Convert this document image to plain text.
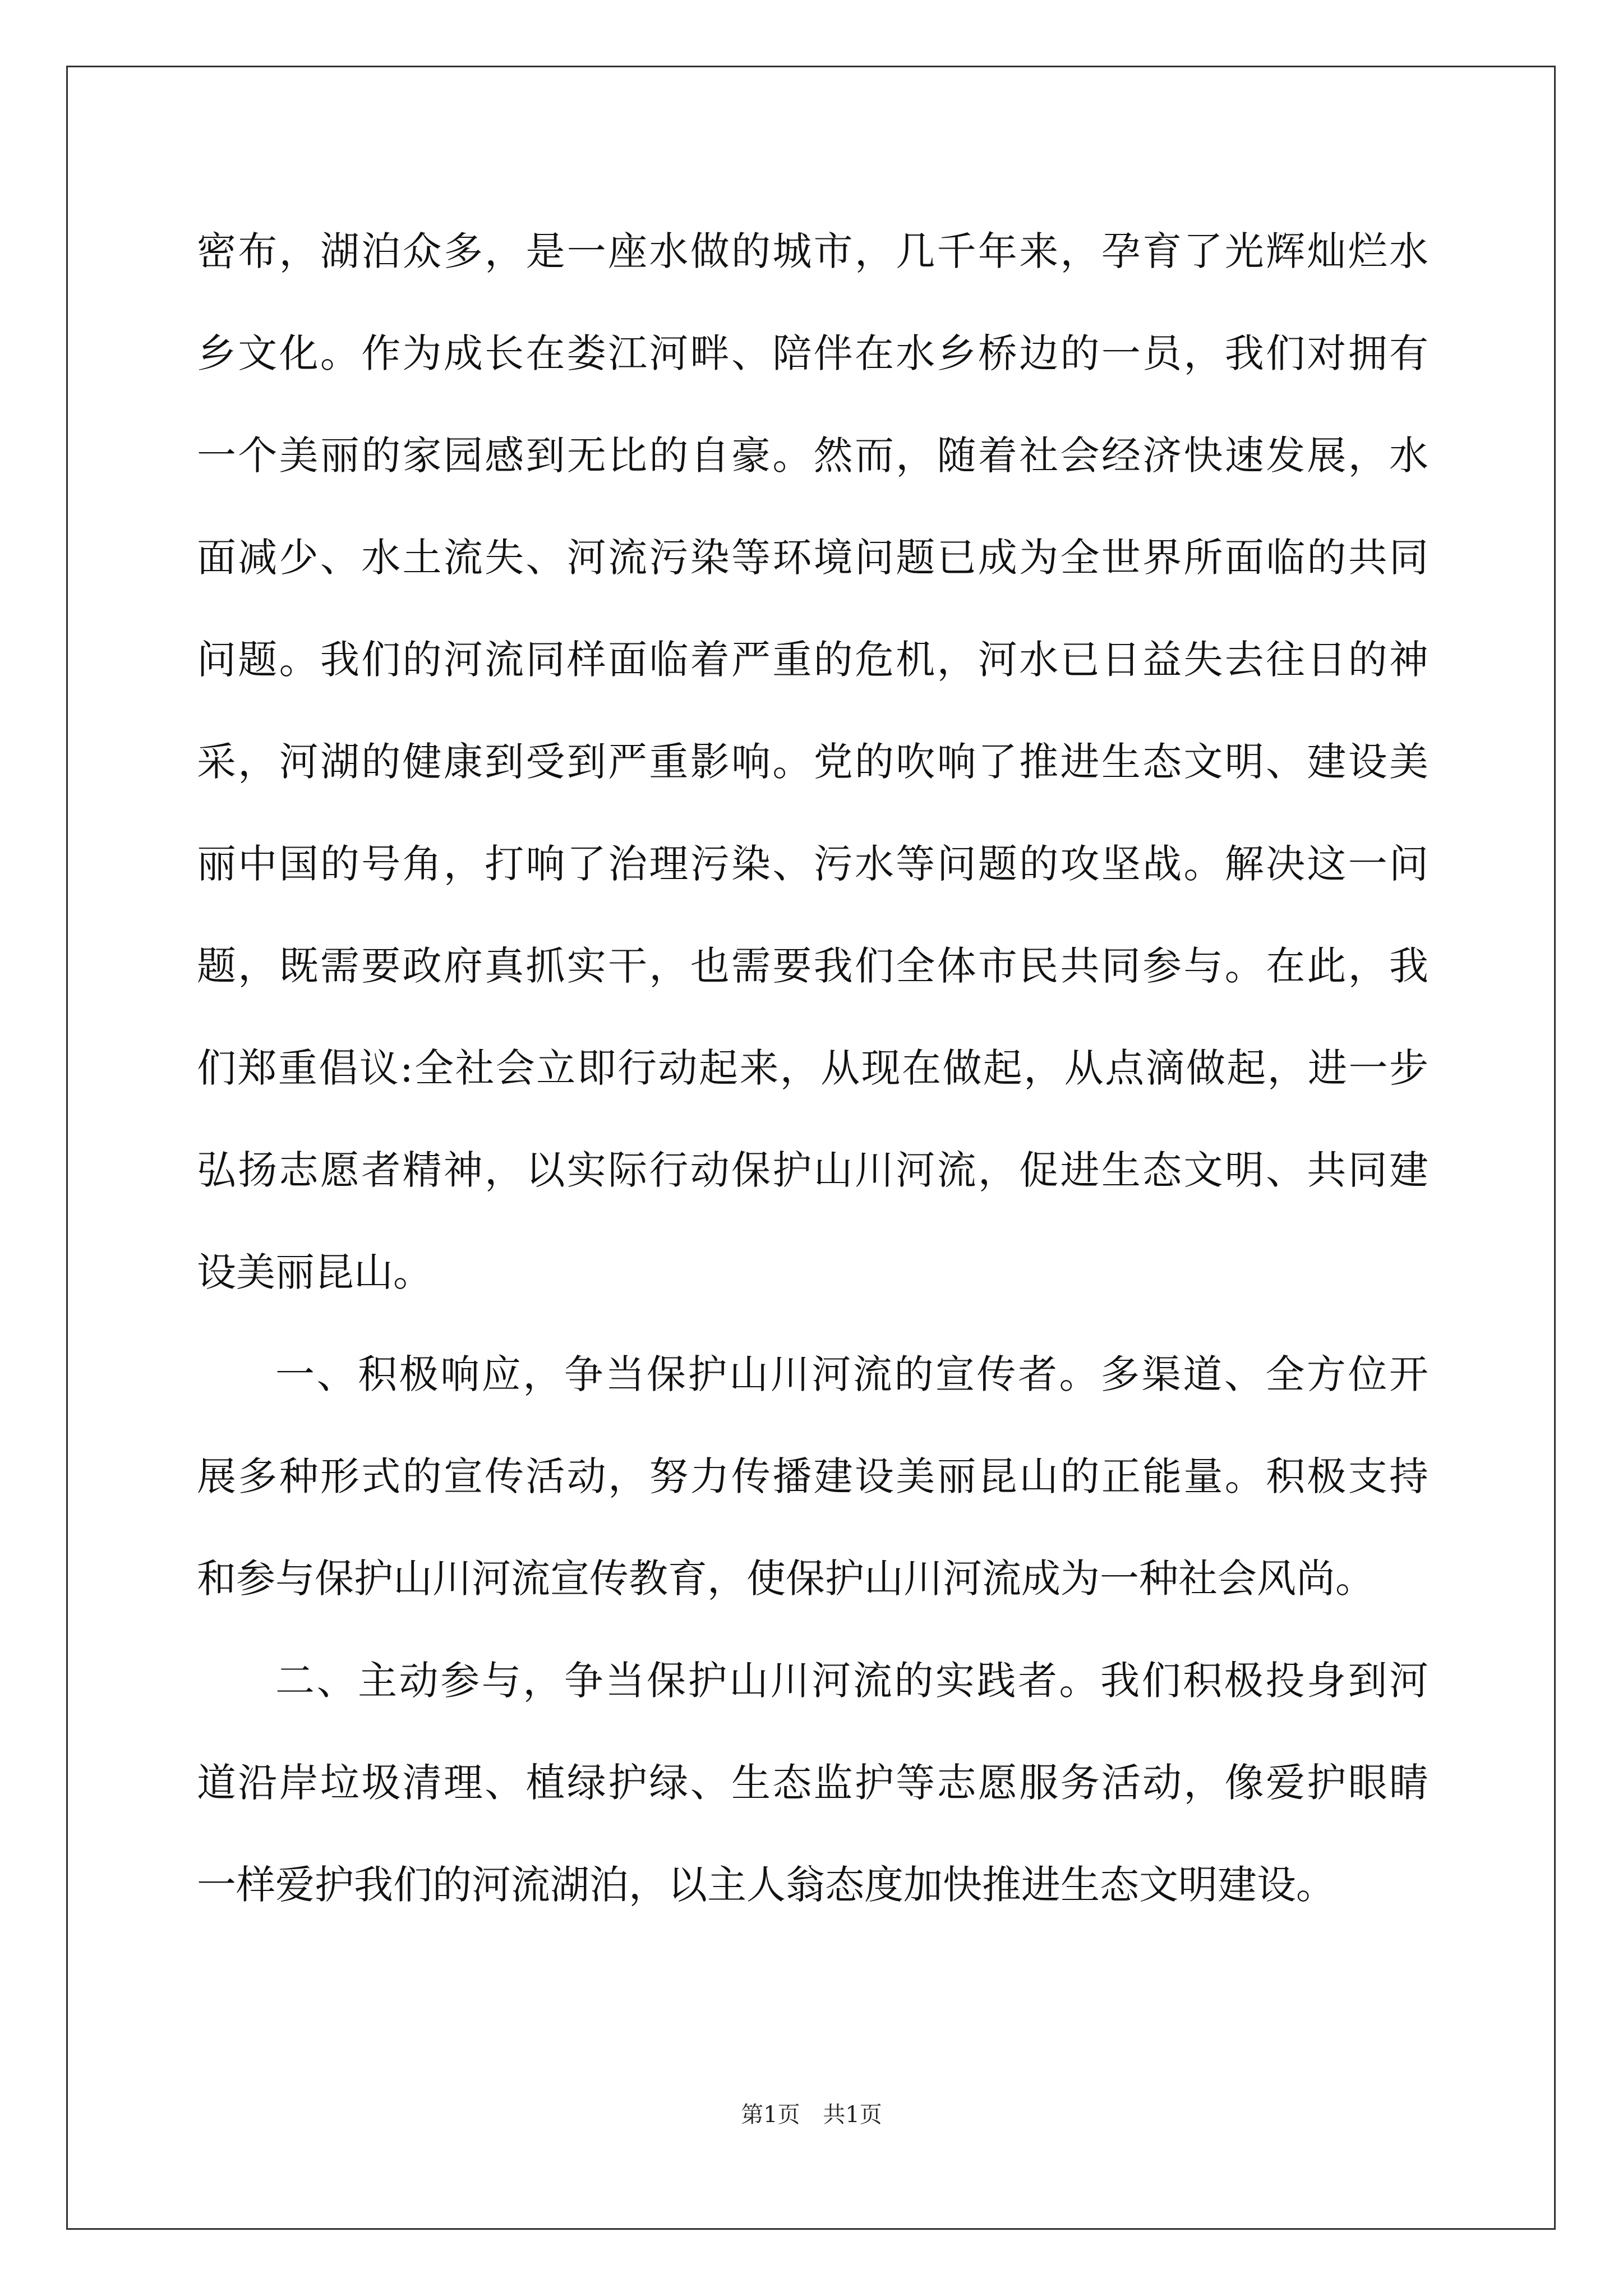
密布，湖泊众多，是一座水做的城市，几千年来，孕育了光辉灿烂水
乡文化。作为成长在娄江河畔、陪伴在水乡桥边的一员，我们对拥有
一个美丽的家园感到无比的自豪。然而，随着社会经济快速发展，水
面减少、水土流失、河流污染等环境问题已成为全世界所面临的共同
问题。我们的河流同样面临着严重的危机，河水已日益失去往日的神
采，河湖的健康到受到严重影响。党的吹响了推进生态文明、建设美
丽中国的号角，打响了治理污染、污水等问题的攻坚战。解决这一问
题，既需要政府真抓实干，也需要我们全体市民共同参与。在此，我
们郑重倡议:全社会立即行动起来，从现在做起，从点滴做起，进一步
弘扬志愿者精神，以实际行动保护山川河流，促进生态文明、共同建
设美丽昆山。
一、积极响应，争当保护山川河流的宣传者。多渠道、全方位开
展多种形式的宣传活动，努力传播建设美丽昆山的正能量。积极支持
和参与保护山川河流宣传教育，使保护山川河流成为一种社会风尚。
二、主动参与，争当保护山川河流的实践者。我们积极投身到河
道沿岸垃圾清理、植绿护绿、生态监护等志愿服务活动，像爱护眼睛
一样爱护我们的河流湖泊，以主人翁态度加快推进生态文明建设。
第1页 共1页
